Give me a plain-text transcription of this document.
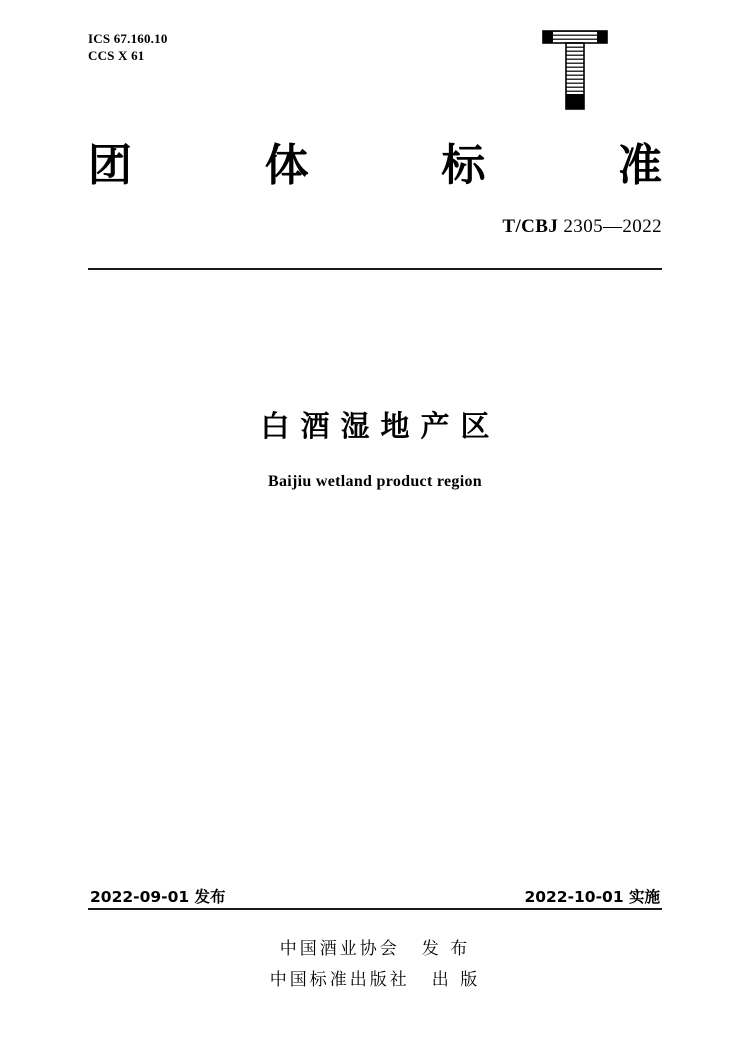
ICS 67.160.10
CCS X 61
团	体	标	准
T/CBJ 2305—2022
白酒湿地产区
Baijiu wetland product region
2022-09-01 发布	2022-10-01 实施
中国酒业协会 发 布
中国标准出版社 出 版
